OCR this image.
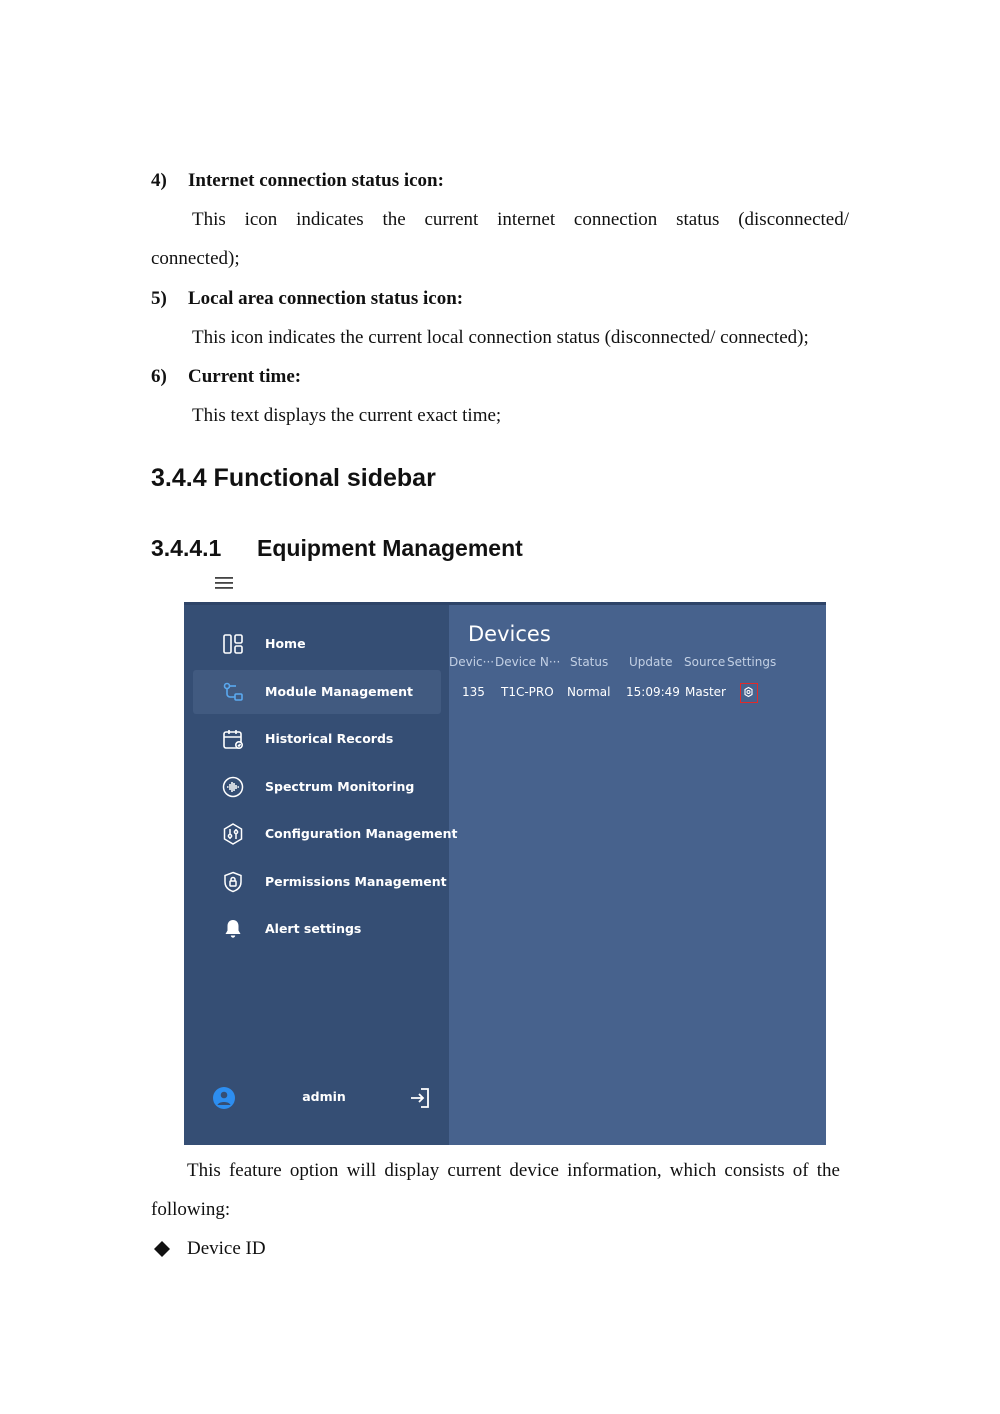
4) Internet connection status icon:
This icon indicates the current internet connection status (disconnected/
connected);
5) Local area connection status icon:
This icon indicates the current local connection status (disconnected/ connected);
6) Current time:
This text displays the current exact time;
3.4.4 Functional sidebar
3.4.4.1 Equipment Management
Home
Module Management
Historical Records
Spectrum Monitoring
Configuration Management
Permissions Management
Alert settings
admin
Devices
Devic··· Device N··· Status Update Source Settings
135 T1C-PRO Normal 15:09:49 Master
This feature option will display current device information, which consists of the
following:
Device ID
